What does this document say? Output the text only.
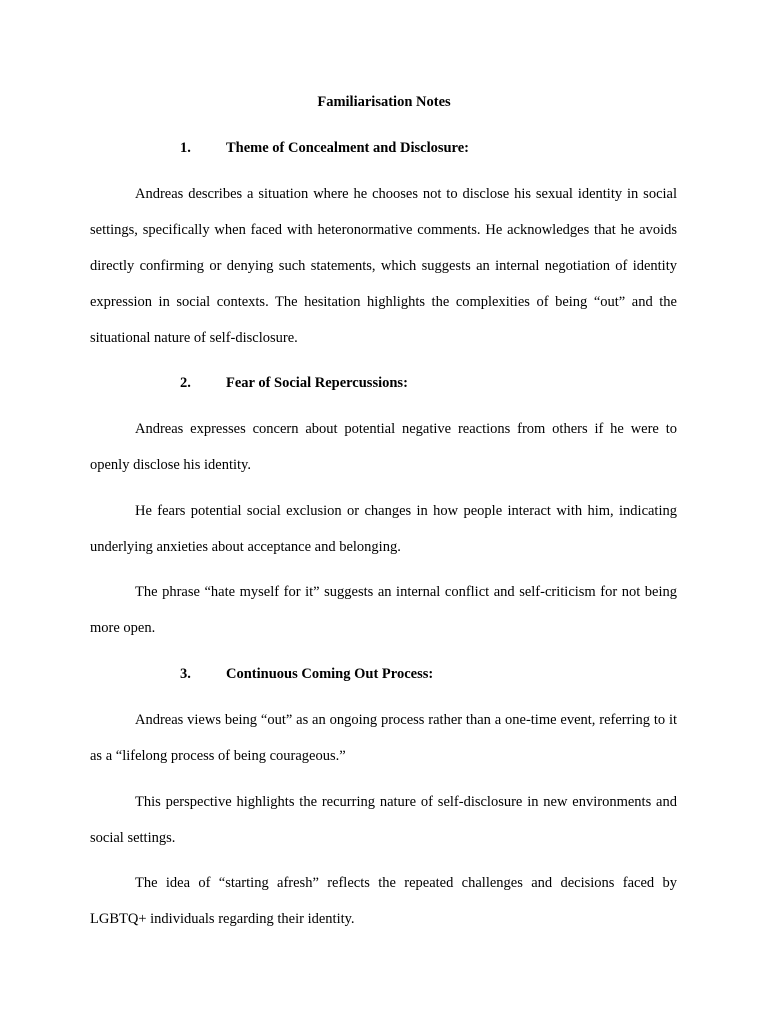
Familiarisation Notes
1. Theme of Concealment and Disclosure:

Andreas describes a situation where he chooses not to disclose his sexual identity in social settings, specifically when faced with heteronormative comments. He acknowledges that he avoids directly confirming or denying such statements, which suggests an internal negotiation of identity expression in social contexts. The hesitation highlights the complexities of being “out” and the situational nature of self-disclosure.

2. Fear of Social Repercussions:

Andreas expresses concern about potential negative reactions from others if he were to openly disclose his identity.

He fears potential social exclusion or changes in how people interact with him, indicating underlying anxieties about acceptance and belonging.

The phrase “hate myself for it” suggests an internal conflict and self-criticism for not being more open.

3. Continuous Coming Out Process:

Andreas views being “out” as an ongoing process rather than a one-time event, referring to it as a “lifelong process of being courageous.”

This perspective highlights the recurring nature of self-disclosure in new environments and social settings.

The idea of “starting afresh” reflects the repeated challenges and decisions faced by LGBTQ+ individuals regarding their identity.
